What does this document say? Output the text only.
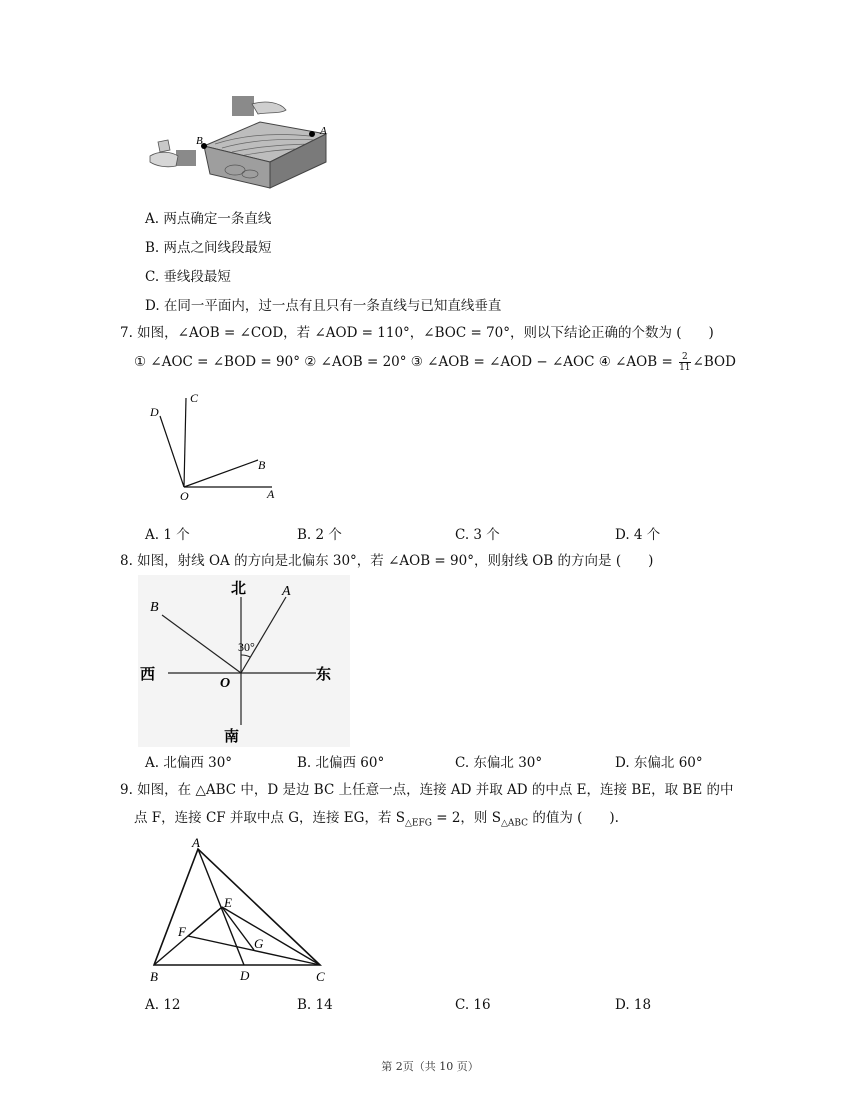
B
A
A. 两点确定一条直线
B. 两点之间线段最短
C. 垂线段最短
D. 在同一平面内，过一点有且只有一条直线与已知直线垂直
7. 如图，∠AOB = ∠COD，若 ∠AOD = 110°，∠BOC = 70°，则以下结论正确的个数为 (　　)
① ∠AOC = ∠BOD = 90° ② ∠AOB = 20° ③ ∠AOB = ∠AOD − ∠AOC ④ ∠AOB = $\frac{2}{11}$ ∠BOD
D
C
B
O	A
A. 1 个	B. 2 个	C. 3 个	D. 4 个
8. 如图，射线 OA 的方向是北偏东 30°，若 ∠AOB = 90°，则射线 OB 的方向是 (　　)
北
南
西	东
B
A
O
30°
A. 北偏西 30°	B. 北偏西 60°	C. 东偏北 30°	D. 东偏北 60°
9. 如图，在 △ABC 中，D 是边 BC 上任意一点，连接 AD 并取 AD 的中点 E，连接 BE，取 BE 的中
点 F，连接 CF 并取中点 G，连接 EG，若 $S_{\triangle EFG} = 2$，则 $S_{\triangle ABC}$ 的值为 (　　).
A
B	C
D
E
F
G
A. 12	B. 14	C. 16	D. 18
第 2页（共 10 页）
